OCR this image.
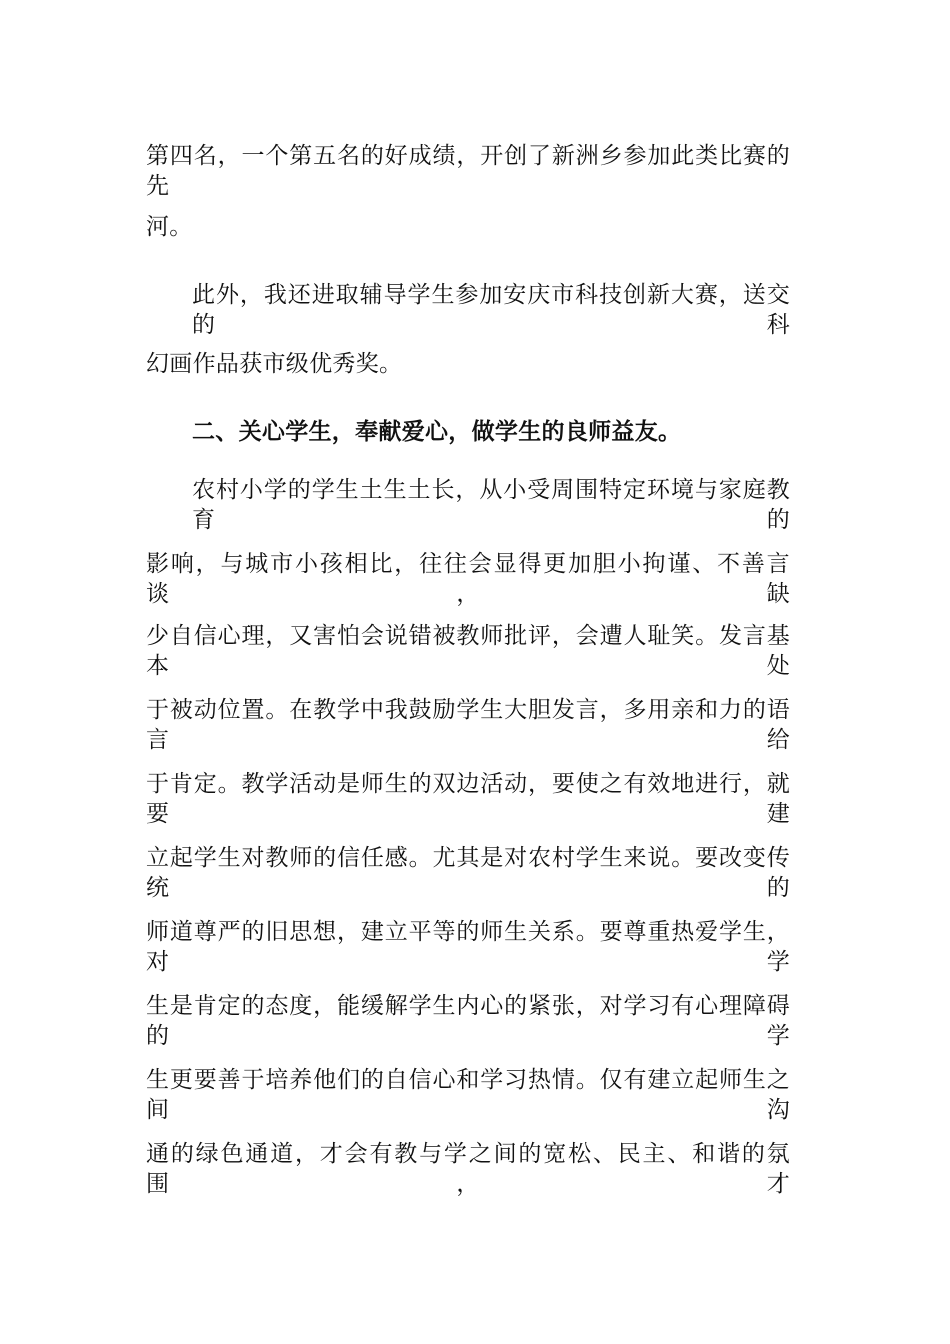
第四名，一个第五名的好成绩，开创了新洲乡参加此类比赛的先
河。
此外，我还进取辅导学生参加安庆市科技创新大赛，送交的科
幻画作品获市级优秀奖。
二、关心学生，奉献爱心，做学生的良师益友。
农村小学的学生土生土长，从小受周围特定环境与家庭教育的
影响，与城市小孩相比，往往会显得更加胆小拘谨、不善言谈，缺
少自信心理，又害怕会说错被教师批评，会遭人耻笑。发言基本处
于被动位置。在教学中我鼓励学生大胆发言，多用亲和力的语言给
于肯定。教学活动是师生的双边活动，要使之有效地进行，就要建
立起学生对教师的信任感。尤其是对农村学生来说。要改变传统的
师道尊严的旧思想，建立平等的师生关系。要尊重热爱学生，对学
生是肯定的态度，能缓解学生内心的紧张，对学习有心理障碍的学
生更要善于培养他们的自信心和学习热情。仅有建立起师生之间沟
通的绿色通道，才会有教与学之间的宽松、民主、和谐的氛围，才
